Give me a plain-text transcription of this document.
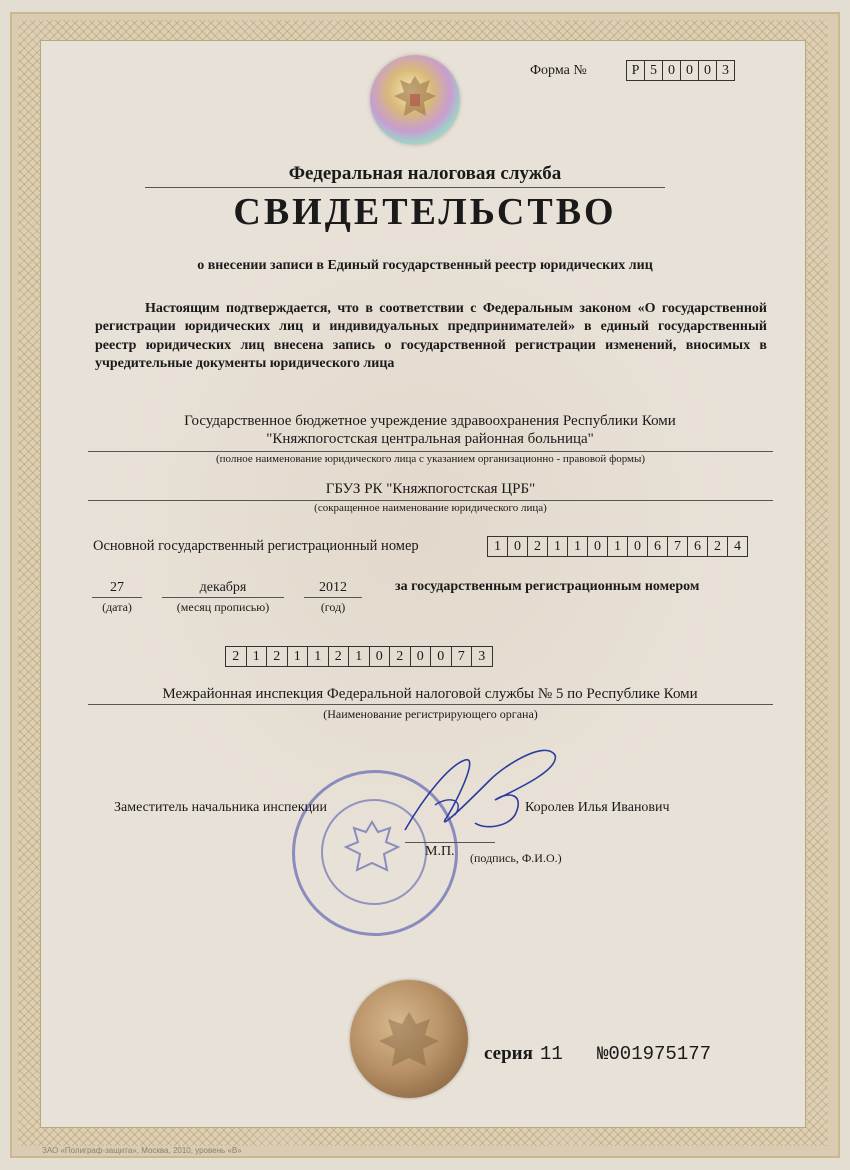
Форма №	Р 5 0 0 0 3
Федеральная налоговая служба
СВИДЕТЕЛЬСТВО
о внесении записи в Единый государственный реестр юридических лиц
Настоящим подтверждается, что в соответствии с Федеральным законом «О государственной регистрации юридических лиц и индивидуальных предпринимателей» в единый государственный реестр юридических лиц внесена запись о государственной регистрации изменений, вносимых в учредительные документы юридического лица
Государственное бюджетное учреждение здравоохранения Республики Коми
"Княжпогостская центральная районная больница"
(полное наименование юридического лица с указанием организационно - правовой формы)
ГБУЗ РК "Княжпогостская ЦРБ"
(сокращенное наименование юридического лица)
Основной государственный регистрационный номер	1 0 2 1 1 0 1 0 6 7 6 2 4
27
(дата)
декабря
(месяц прописью)
2012
(год)
за государственным регистрационным номером
2 1 2 1 1 2 1 0 2 0 0 7 3
Межрайонная инспекция Федеральной налоговой службы № 5 по Республике Коми
(Наименование регистрирующего органа)
Заместитель начальника инспекции	Королев Илья Иванович
М.П. (подпись, Ф.И.О.)
серия 11 №001975177
ЗАО «Полиграф-защита», Москва, 2010, уровень «В»
